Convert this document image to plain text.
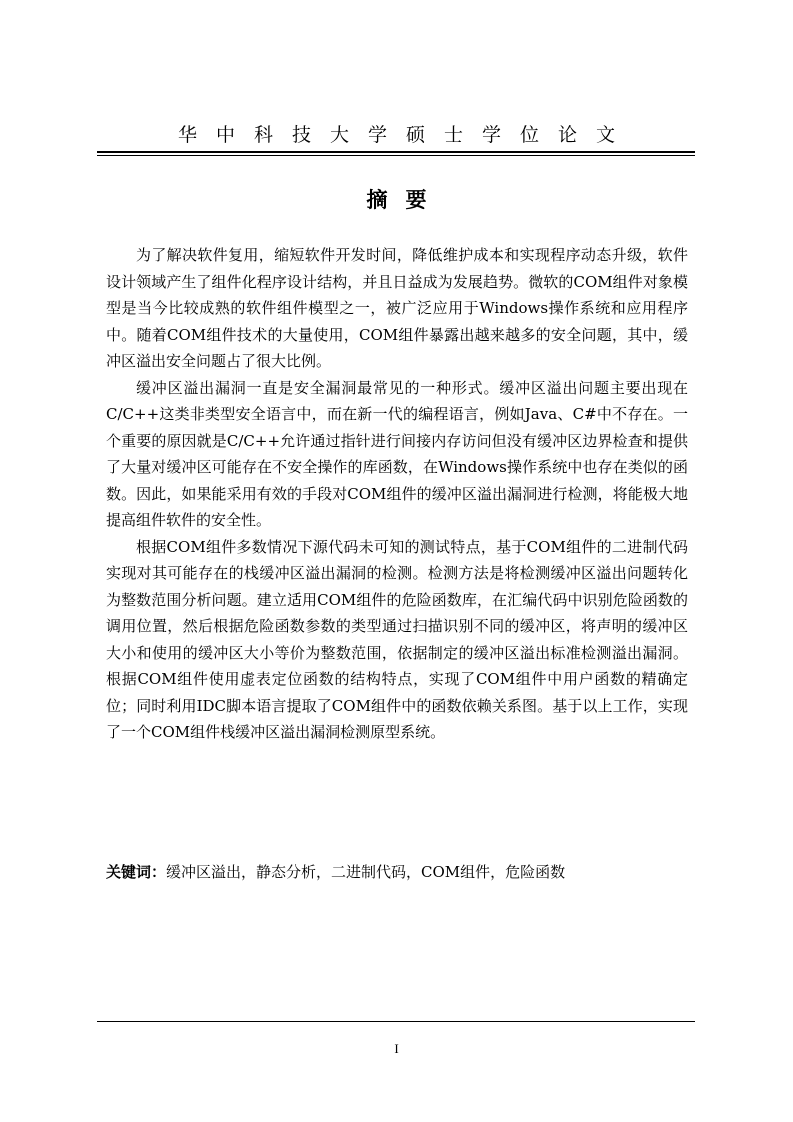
华中科技大学硕士学位论文
摘要

为了解决软件复用，缩短软件开发时间，降低维护成本和实现程序动态升级，软件设计领域产生了组件化程序设计结构，并且日益成为发展趋势。微软的COM组件对象模型是当今比较成熟的软件组件模型之一，被广泛应用于Windows操作系统和应用程序中。随着COM组件技术的大量使用，COM组件暴露出越来越多的安全问题，其中，缓冲区溢出安全问题占了很大比例。

缓冲区溢出漏洞一直是安全漏洞最常见的一种形式。缓冲区溢出问题主要出现在C/C++这类非类型安全语言中，而在新一代的编程语言，例如Java、C#中不存在。一个重要的原因就是C/C++允许通过指针进行间接内存访问但没有缓冲区边界检查和提供了大量对缓冲区可能存在不安全操作的库函数，在Windows操作系统中也存在类似的函数。因此，如果能采用有效的手段对COM组件的缓冲区溢出漏洞进行检测，将能极大地提高组件软件的安全性。

根据COM组件多数情况下源代码未可知的测试特点，基于COM组件的二进制代码实现对其可能存在的栈缓冲区溢出漏洞的检测。检测方法是将检测缓冲区溢出问题转化为整数范围分析问题。建立适用COM组件的危险函数库，在汇编代码中识别危险函数的调用位置，然后根据危险函数参数的类型通过扫描识别不同的缓冲区，将声明的缓冲区大小和使用的缓冲区大小等价为整数范围，依据制定的缓冲区溢出标准检测溢出漏洞。根据COM组件使用虚表定位函数的结构特点，实现了COM组件中用户函数的精确定位；同时利用IDC脚本语言提取了COM组件中的函数依赖关系图。基于以上工作，实现了一个COM组件栈缓冲区溢出漏洞检测原型系统。

关键词：缓冲区溢出，静态分析，二进制代码，COM组件，危险函数
I
